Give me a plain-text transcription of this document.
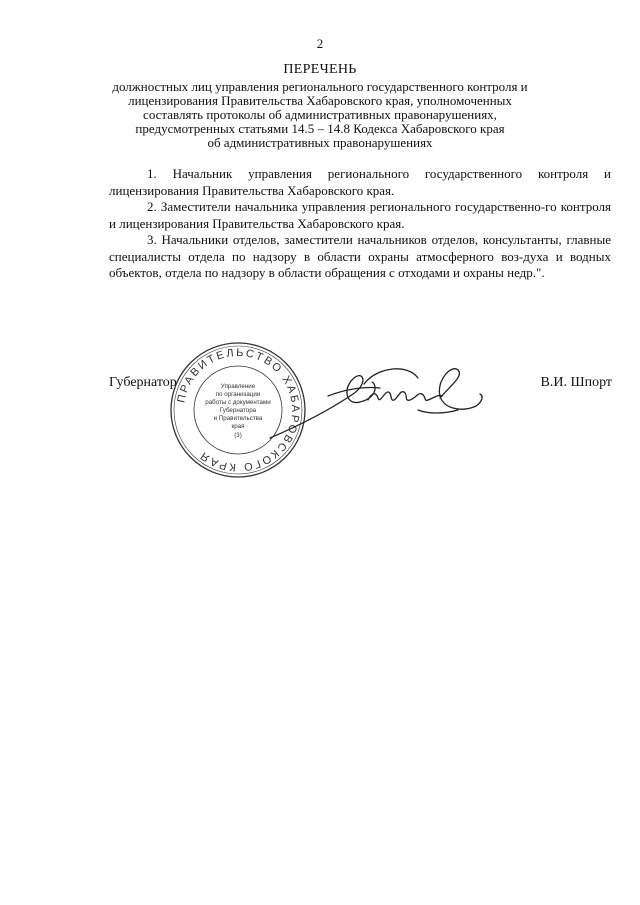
2
ПЕРЕЧЕНЬ
должностных лиц управления регионального государственного контроля и
лицензирования Правительства Хабаровского края, уполномоченных
составлять протоколы об административных правонарушениях,
предусмотренных статьями 14.5 – 14.8 Кодекса Хабаровского края
об административных правонарушениях

1. Начальник управления регионального государственного контроля и лицензирования Правительства Хабаровского края.

2. Заместители начальника управления регионального государственно-го контроля и лицензирования Правительства Хабаровского края.

3. Начальники отделов, заместители начальников отделов, консультанты, главные специалисты отдела по надзору в области охраны атмосферного воз-духа и водных объектов, отдела по надзору в области обращения с отходами и охраны недр.".

Губернатор	В.И. Шпорт
ПРАВИТЕЛЬСТВО ХАБАРОВСКОГО КРАЯ
Управление
по организации
работы с документами
Губернатора
и Правительства
края
(3)
